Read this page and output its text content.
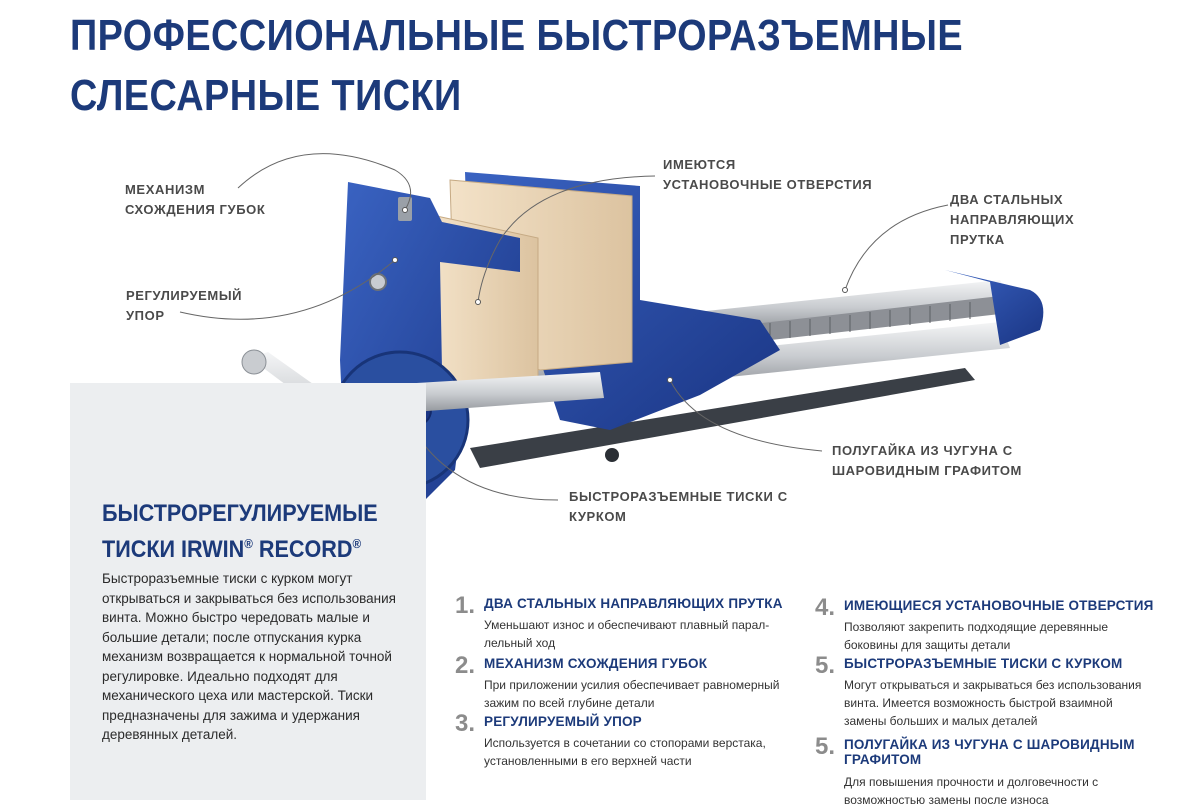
ПРОФЕССИОНАЛЬНЫЕ БЫСТРОРАЗЪЕМНЫЕ
СЛЕСАРНЫЕ ТИСКИ
МЕХАНИЗМ
СХОЖДЕНИЯ ГУБОК
ИМЕЮТСЯ
УСТАНОВОЧНЫЕ ОТВЕРСТИЯ
ДВА СТАЛЬНЫХ
НАПРАВЛЯЮЩИХ
ПРУТКА
РЕГУЛИРУЕМЫЙ
УПОР
ПОЛУГАЙКА ИЗ ЧУГУНА С
ШАРОВИДНЫМ ГРАФИТОМ
БЫСТРОРАЗЪЕМНЫЕ ТИСКИ С
КУРКОМ
БЫСТРОРЕГУЛИРУЕМЫЕ
ТИСКИ IRWIN® RECORD®

Быстроразъемные тиски с курком могут открываться и закрываться без использования винта. Можно быстро чередовать малые и большие детали; после отпускания курка механизм возвращается к нормальной точной регулировке. Идеально подходят для механического цеха или мастерской. Тиски предназначены для зажима и удержания деревянных деталей.

1. ДВА СТАЛЬНЫХ НАПРАВЛЯЮЩИХ ПРУТКА
Уменьшают износ и обеспечивают плавный парал-
лельный ход
2. МЕХАНИЗМ СХОЖДЕНИЯ ГУБОК
При приложении усилия обеспечивает равномерный
зажим по всей глубине детали
3. РЕГУЛИРУЕМЫЙ УПОР
Используется в сочетании со стопорами верстака,
установленными в его верхней части
4. ИМЕЮЩИЕСЯ УСТАНОВОЧНЫЕ ОТВЕРСТИЯ
Позволяют закрепить подходящие деревянные
боковины для защиты детали
5. БЫСТРОРАЗЪЕМНЫЕ ТИСКИ С КУРКОМ
Могут открываться и закрываться без использования
винта. Имеется возможность быстрой взаимной
замены больших и малых деталей
5. ПОЛУГАЙКА ИЗ ЧУГУНА С ШАРОВИДНЫМ
ГРАФИТОМ
Для повышения прочности и долговечности с
возможностью замены после износа
